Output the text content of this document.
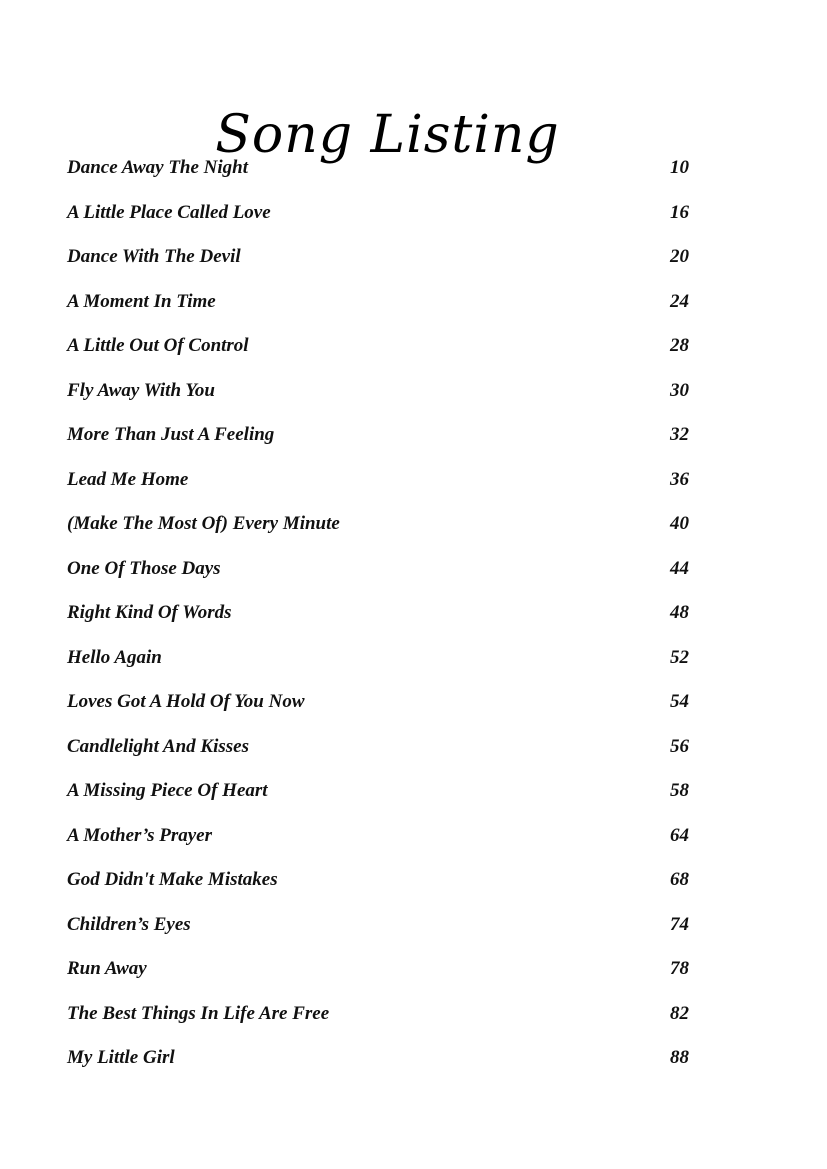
Song Listing
Dance Away The Night	10
A Little Place Called Love	16
Dance With The Devil	20
A Moment In Time	24
A Little Out Of Control	28
Fly Away With You	30
More Than Just A Feeling	32
Lead Me Home	36
(Make The Most Of) Every Minute	40
One Of Those Days	44
Right Kind Of Words	48
Hello Again	52
Loves Got A Hold Of You Now	54
Candlelight And Kisses	56
A Missing Piece Of Heart	58
A Mother’s Prayer	64
God Didn't Make Mistakes	68
Children’s Eyes	74
Run Away	78
The Best Things In Life Are Free	82
My Little Girl	88
